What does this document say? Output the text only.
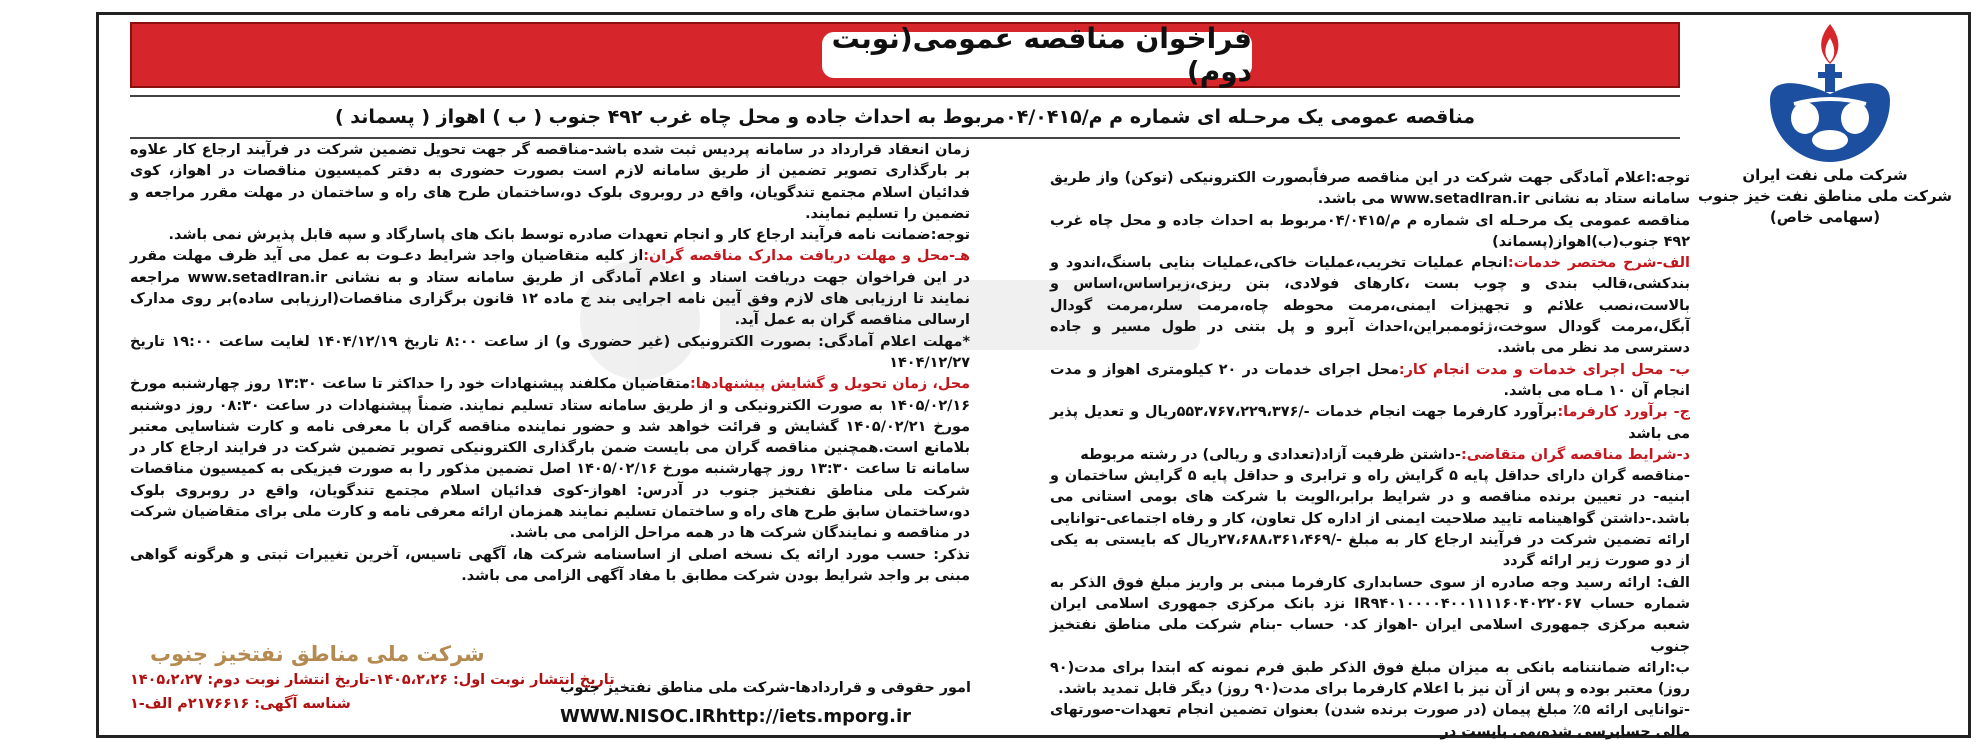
فراخوان مناقصه عمومی(نوبت دوم)
مناقصه عمومی یک مرحـله ای شماره م م/۰۴/۰۴۱۵مربوط به احداث جاده و محل چاه غرب ۴۹۲ جنوب ( ب ) اهواز ( پسماند )
شرکت ملی نفت ایران
شرکت ملی مناطق نفت خیز جنوب
(سهامی خاص)

توجه:اعلام آمادگی جهت شرکت در این مناقصه صرفاًبصورت الکترونیکی (توکن) واز طریق سامانه ستاد به نشانی www.setadIran.ir می باشد.

مناقصه عمومی یک مرحـله ای شماره م م/۰۴/۰۴۱۵مربوط به احداث جاده و محل چاه غرب ۴۹۲ جنوب(ب)اهواز(پسماند)

الف-شرح مختصر خدمات:انجام عملیات تخریب،عملیات خاکی،عملیات بنایی باسنگ،اندود و بندکشی،قالب بندی و چوب بست ،کارهای فولادی، بتن ریزی،زیراساس،اساس و بالاست،نصب علائم و تجهیزات ایمنی،مرمت محوطه چاه،مرمت سلر،مرمت گودال آبگل،مرمت گودال سوخت،ژئوممبراین،احداث آبرو و پل بتنی در طول مسیر و جاده دسترسی مد نظر می باشد.

ب- محل اجرای خدمات و مدت انجام کار:محل اجرای خدمات در ۲۰ کیلومتری اهواز و مدت انجام آن ۱۰ مـاه می باشد.

ج- برآورد کارفرما:برآورد کارفرما جهت انجام خدمات -/۵۵۳،۷۶۷،۲۲۹،۳۷۶ریال و تعدیل پذیر می باشد

د-شرایط مناقصه گران متقاضی:-داشتن ظرفیت آزاد(تعدادی و ریالی) در رشته مربوطه

-مناقصه گران دارای حداقل پایه ۵ گرایش راه و ترابری و حداقل پایه ۵ گرایش ساختمان و ابنیه- در تعیین برنده مناقصه و در شرایط برابر،الویت با شرکت های بومی استانی می باشد.-داشتن گواهینامه تایید صلاحیت ایمنی از اداره کل تعاون، کار و رفاه اجتماعی-توانایی ارائه تضمین شرکت در فرآیند ارجاع کار به مبلغ -/۲۷،۶۸۸،۳۶۱،۴۶۹ریال که بایستی به یکی از دو صورت زیر ارائه گردد

الف: ارائه رسید وجه صادره از سوی حسابداری کارفرما مبنی بر واریز مبلغ فوق الذکر به شماره حساب IR۹۴۰۱۰۰۰۰۴۰۰۱۱۱۱۶۰۴۰۲۲۰۶۷ نزد بانک مرکزی جمهوری اسلامی ایران شعبه مرکزی جمهوری اسلامی ایران -اهواز کد۰ حساب -بنام شرکت ملی مناطق نفتخیز جنوب

ب:ارائه ضمانتنامه بانکی به میزان مبلغ فوق الذکر طبق فرم نمونه که ابتدا برای مدت(۹۰ روز) معتبر بوده و پس از آن نیز با اعلام کارفرما برای مدت(۹۰ روز) دیگر قابل تمدید باشد.

-توانایی ارائه ۵٪ مبلغ پیمان (در صورت برنده شدن) بعنوان تضمین انجام تعهدات-صورتهای مالی حسابرسی شده،می بایست در

زمان انعقاد قرارداد در سامانه پردیس ثبت شده باشد-مناقصه گر جهت تحویل تضمین شرکت در فرآیند ارجاع کار علاوه بر بارگذاری تصویر تضمین از طریق سامانه لازم است بصورت حضوری به دفتر کمیسیون مناقصات در اهواز، کوی فدائیان اسلام مجتمع تندگویان، واقع در روبروی بلوک دو،ساختمان طرح های راه و ساختمان در مهلت مقرر مراجعه و تضمین را تسلیم نمایند.

توجه:ضمانت نامه فرآیند ارجاع کار و انجام تعهدات صادره توسط بانک های پاسارگاد و سپه قابل پذیرش نمی باشد.

هـ-محل و مهلت دریافت مدارک مناقصه گران:از کلیه متقاضیان واجد شرایط دعـوت به عمل می آید ظرف مهلت مقرر در این فراخوان جهت دریافت اسناد و اعلام آمادگی از طریق سامانه ستاد و به نشانی www.setadIran.ir مراجعه نمایند تا ارزیابی های لازم وفق آیین نامه اجرایی بند ج ماده ۱۲ قانون برگزاری مناقصات(ارزیابی ساده)بر روی مدارک ارسالی مناقصه گران به عمل آید.

*مهلت اعلام آمادگی: بصورت الکترونیکی (غیر حضوری و) از ساعت ۸:۰۰ تاریخ ۱۴۰۴/۱۲/۱۹ لغایت ساعت ۱۹:۰۰ تاریخ ۱۴۰۴/۱۲/۲۷

محل، زمان تحویل و گشایش پیشنهادها:متقاضیان مکلفند پیشنهادات خود را حداکثر تا ساعت ۱۳:۳۰ روز چهارشنبه مورخ ۱۴۰۵/۰۲/۱۶ به صورت الکترونیکی و از طریق سامانه ستاد تسلیم نمایند. ضمناً پیشنهادات در ساعت ۰۸:۳۰ روز دوشنبه مورخ ۱۴۰۵/۰۲/۲۱ گشایش و قرائت خواهد شد و حضور نماینده مناقصه گران با معرفی نامه و کارت شناسایی معتبر بلامانع است.همچنین مناقصه گران می بایست ضمن بارگذاری الکترونیکی تصویر تضمین شرکت در فرایند ارجاع کار در سامانه تا ساعت ۱۳:۳۰ روز چهارشنبه مورخ ۱۴۰۵/۰۲/۱۶ اصل تضمین مذکور را به صورت فیزیکی به کمیسیون مناقصات شرکت ملی مناطق نفتخیز جنوب در آدرس: اهواز-کوی فدائیان اسلام مجتمع تندگویان، واقع در روبروی بلوک دو،ساختمان سابق طرح های راه و ساختمان تسلیم نمایند همزمان ارائه معرفی نامه و کارت ملی برای متقاضیان شرکت در مناقصه و نمایندگان شرکت ها در همه مراحل الزامی می باشد.

تذکر: حسب مورد ارائه یک نسخه اصلی از اساسنامه شرکت ها، آگهی تاسیس، آخرین تغییرات ثبتی و هرگونه گواهی مبنی بر واجد شرایط بودن شرکت مطابق با مفاد آگهی الزامی می باشد.

شرکت ملی مناطق نفتخیز جنوب
تاریخ انتشار نوبت اول: ۱۴۰۵،۲،۲۶-تاریخ انتشار نوبت دوم: ۱۴۰۵،۲،۲۷
شناسه آگهی: ۲۱۷۶۶۱۶م الف-۱
امور حقوقی و قراردادها-شرکت ملی مناطق نفتخیز جنوب
WWW.NISOC.IRhttp://iets.mporg.ir
